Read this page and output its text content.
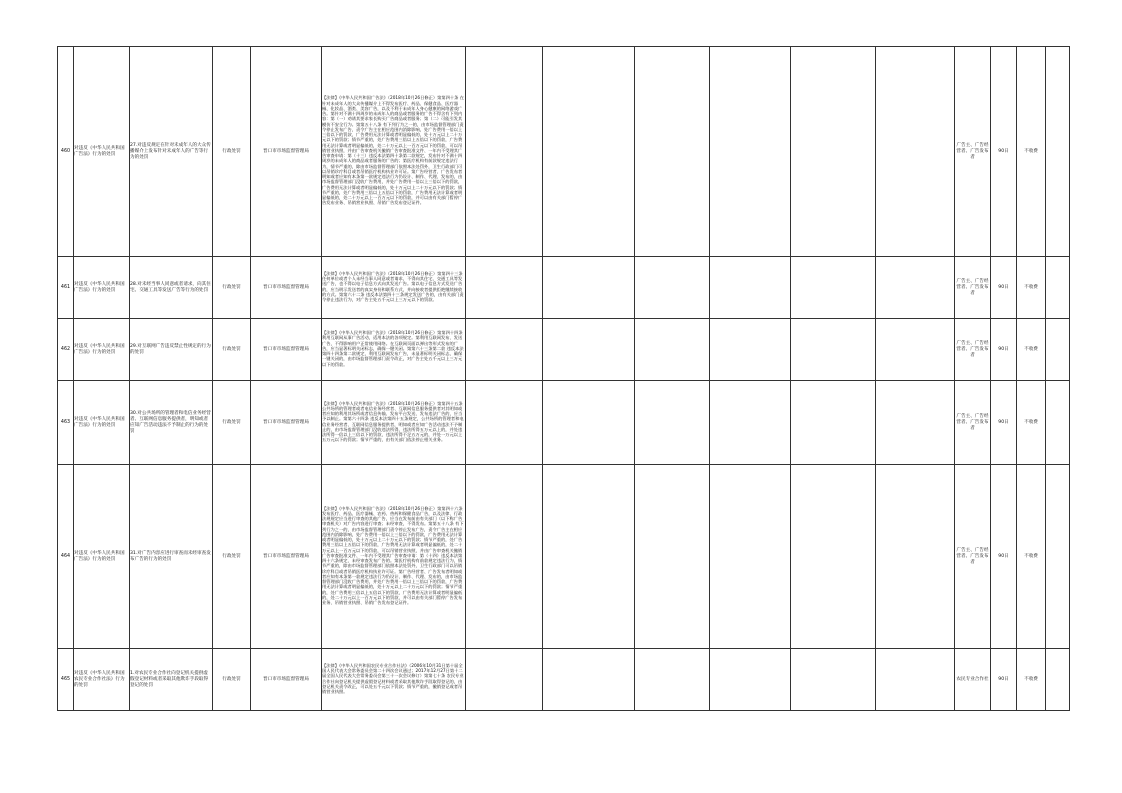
460	对违反《中华人民共和国广告法》行为的处罚	27.对违反规定在针对未成年人的大众传播媒介上发布针对未成年人的广告等行为的处罚	行政处罚	晋口市市场监督管理局	【法律】《中华人民共和国广告法》（2018年10月26日修正）第第四十条 在针对未成年人的大众传播媒介上不得发布医疗、药品、保健食品、医疗器械、化妆品、酒类、美容广告，以及不利于未成年人身心健康的网络游戏广告。第针对不满十四周岁的未成年人的商品或者服务的广告不得含有下列内容：第（一）劝诱其要求家长购买广告商品或者服务；第（二）可能引发其模仿不安全行为。第第五十八条 有下列行为之一的，由市场监督管理部门责令停止发布广告，责令广告主在相应范围内消除影响，处广告费用一倍以上三倍以下的罚款，广告费用无法计算或者明显偏低的，处十万元以上二十万元以下的罚款；情节严重的，处广告费用三倍以上五倍以下的罚款，广告费用无法计算或者明显偏低的，处二十万元以上一百万元以下的罚款，可以吊销营业执照，并由广告审查机关撤销广告审查批准文件、一年内不受理其广告审查申请：第（十三）违反本法第四十条第二款规定，发布针对不满十四周岁的未成年人的商品或者服务的广告的；第医疗机构有前款规定违法行为，情节严重的，除由市场监督管理部门依照本法处罚外，卫生行政部门可以吊销诊疗科目或者吊销医疗机构执业许可证。第广告经营者、广告发布者明知或者应知有本条第一款规定违法行为仍设计、制作、代理、发布的，由市场监督管理部门没收广告费用，并处广告费用一倍以上三倍以下的罚款，广告费用无法计算或者明显偏低的，处十万元以上二十万元以下的罚款；情节严重的，处广告费用三倍以上五倍以下的罚款，广告费用无法计算或者明显偏低的，处二十万元以上一百万元以下的罚款，并可以由有关部门暂停广告发布业务、吊销营业执照、吊销广告发布登记证件。							广告主、广告经营者、广告发布者	90日	不收费	
461	对违反《中华人民共和国广告法》行为的处罚	28.对未经当事人同意或者请求，向其住宅、交通工具等发送广告等行为的处罚	行政处罚	晋口市市场监督管理局	【法律】《中华人民共和国广告法》（2018年10月26日修正）第第四十三条 任何单位或者个人未经当事人同意或者请求，不得向其住宅、交通工具等发送广告，也不得以电子信息方式向其发送广告。第以电子信息方式发送广告的，应当明示发送者的真实身份和联系方式，并向接收者提供拒绝继续接收的方式。第第六十二条 违反本法第四十三条规定发送广告的，由有关部门责令停止违法行为，对广告主处五千元以上三万元以下的罚款。							广告主、广告经营者、广告发布者	90日	不收费	
462	对违反《中华人民共和国广告法》行为的处罚	29.对互联网广告违反禁止性规定的行为的处罚	行政处罚	晋口市市场监督管理局	【法律】《中华人民共和国广告法》（2018年10月26日修正）第第四十四条 利用互联网从事广告活动，适用本法的各项规定。第利用互联网发布、发送广告，不得影响用户正常使用网络。在互联网页面以弹出等形式发布的广告，应当显著标明关闭标志，确保一键关闭。第第六十三条第二款 违反本法第四十四条第二款规定，利用互联网发布广告，未显著标明关闭标志，确保一键关闭的，由市场监督管理部门责令改正，对广告主处五千元以上三万元以下的罚款。							广告主、广告经营者、广告发布者	90日	不收费	
463	对违反《中华人民共和国广告法》行为的处罚	30.对公共场所的管理者和电信业务经营者、互联网信息服务提供者，明知或者应知广告活动违法不予制止的行为的处罚	行政处罚	晋口市市场监督管理局	【法律】《中华人民共和国广告法》（2018年10月26日修正）第第四十五条 公共场所的管理者或者电信业务经营者、互联网信息服务提供者对其明知或者应知的利用其场所或者信息传输、发布平台发送、发布违法广告的，应当予以制止。第第六十四条 违反本法第四十五条规定，公共场所的管理者和电信业务经营者、互联网信息服务提供者，明知或者应知广告活动违法不予制止的，由市场监督管理部门没收违法所得，违法所得五万元以上的，并处违法所得一倍以上三倍以下的罚款，违法所得不足五万元的，并处一万元以上五万元以下的罚款；情节严重的，由有关部门依法停止相关业务。							广告主、广告经营者、广告发布者	90日	不收费	
464	对违反《中华人民共和国广告法》行为的处罚	31.对广告内容应进行审查而未经审查发布广告的行为的处罚	行政处罚	晋口市市场监督管理局	【法律】《中华人民共和国广告法》（2018年10月26日修正）第第四十六条 发布医疗、药品、医疗器械、农药、兽药和保健食品广告，以及法律、行政法规规定应当进行审查的其他广告，应当在发布前由有关部门（以下称广告审查机关）对广告内容进行审查；未经审查，不得发布。第第五十八条 有下列行为之一的，由市场监督管理部门责令停止发布广告，责令广告主在相应范围内消除影响，处广告费用一倍以上三倍以下的罚款，广告费用无法计算或者明显偏低的，处十万元以上二十万元以下的罚款；情节严重的，处广告费用三倍以上五倍以下的罚款，广告费用无法计算或者明显偏低的，处二十万元以上一百万元以下的罚款，可以吊销营业执照，并由广告审查机关撤销广告审查批准文件、一年内不受理其广告审查申请：第（十四）违反本法第四十六条规定，未经审查发布广告的。第医疗机构有前款规定违法行为，情节严重的，除由市场监督管理部门依照本法处罚外，卫生行政部门可以吊销诊疗科目或者吊销医疗机构执业许可证。第广告经营者、广告发布者明知或者应知有本条第一款规定违法行为仍设计、制作、代理、发布的，由市场监督管理部门没收广告费用，并处广告费用一倍以上三倍以下的罚款，广告费用无法计算或者明显偏低的，处十万元以上二十万元以下的罚款；情节严重的，处广告费用三倍以上五倍以下的罚款，广告费用无法计算或者明显偏低的，处二十万元以上一百万元以下的罚款，并可以由有关部门暂停广告发布业务、吊销营业执照、吊销广告发布登记证件。							广告主、广告经营者、广告发布者	90日	不收费	
465	对违反《中华人民共和国农民专业合作社法》行为的处罚	1.对农民专业合作社向登记机关提供虚假登记材料或者采取其他欺诈手段取得登记的处罚	行政处罚	晋口市市场监督管理局	【法律】《中华人民共和国农民专业合作社法》（2006年10月31日第十届全国人民代表大会常务委员会第二十四次会议通过；2017年12月27日第十二届全国人民代表大会常务委员会第三十一次会议修订）第第七十条 农民专业合作社向登记机关提供虚假登记材料或者采取其他欺诈手段取得登记的，由登记机关责令改正，可以处五千元以下罚款；情节严重的，撤销登记或者吊销营业执照。							农民专业合作社	90日	不收费	
